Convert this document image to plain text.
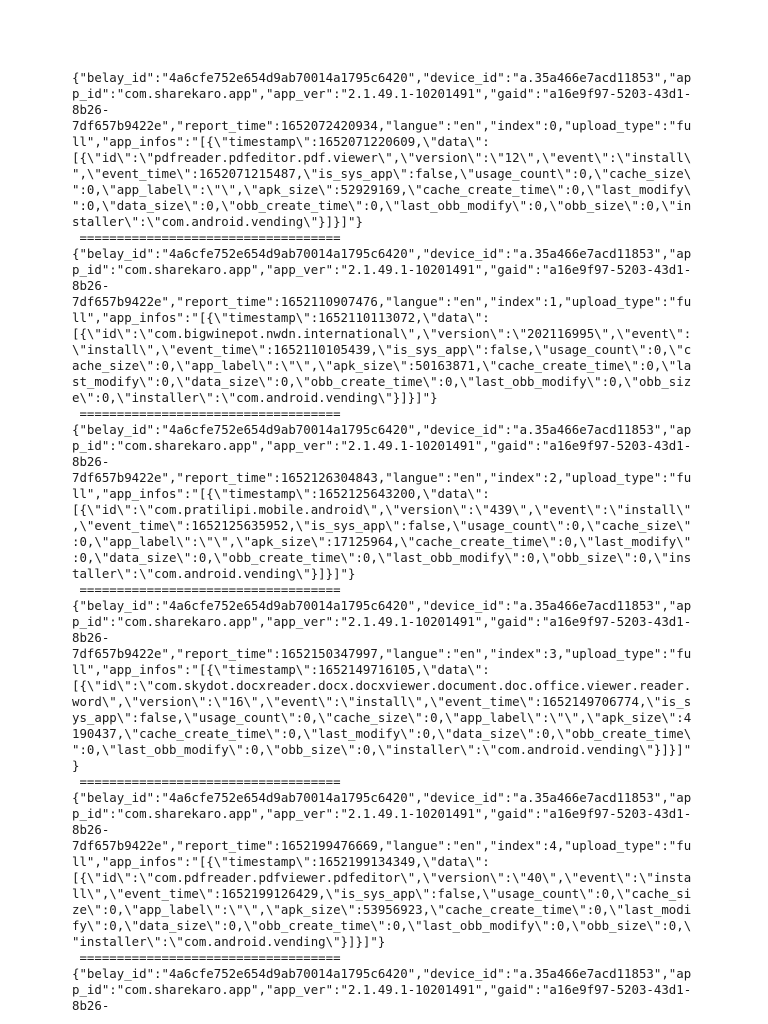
{"belay_id":"4a6cfe752e654d9ab70014a1795c6420","device_id":"a.35a466e7acd11853","ap
p_id":"com.sharekaro.app","app_ver":"2.1.49.1-10201491","gaid":"a16e9f97-5203-43d1-
8b26-
7df657b9422e","report_time":1652072420934,"langue":"en","index":0,"upload_type":"fu
ll","app_infos":"[{\"timestamp\":1652071220609,\"data\":
[{\"id\":\"pdfreader.pdfeditor.pdf.viewer\",\"version\":\"12\",\"event\":\"install\
",\"event_time\":1652071215487,\"is_sys_app\":false,\"usage_count\":0,\"cache_size\
":0,\"app_label\":\"\",\"apk_size\":52929169,\"cache_create_time\":0,\"last_modify\
":0,\"data_size\":0,\"obb_create_time\":0,\"last_obb_modify\":0,\"obb_size\":0,\"in
staller\":\"com.android.vending\"}]}]"}
===================================
{"belay_id":"4a6cfe752e654d9ab70014a1795c6420","device_id":"a.35a466e7acd11853","ap
p_id":"com.sharekaro.app","app_ver":"2.1.49.1-10201491","gaid":"a16e9f97-5203-43d1-
8b26-
7df657b9422e","report_time":1652110907476,"langue":"en","index":1,"upload_type":"fu
ll","app_infos":"[{\"timestamp\":1652110113072,\"data\":
[{\"id\":\"com.bigwinepot.nwdn.international\",\"version\":\"202116995\",\"event\":
\"install\",\"event_time\":1652110105439,\"is_sys_app\":false,\"usage_count\":0,\"c
ache_size\":0,\"app_label\":\"\",\"apk_size\":50163871,\"cache_create_time\":0,\"la
st_modify\":0,\"data_size\":0,\"obb_create_time\":0,\"last_obb_modify\":0,\"obb_siz
e\":0,\"installer\":\"com.android.vending\"}]}]"}
===================================
{"belay_id":"4a6cfe752e654d9ab70014a1795c6420","device_id":"a.35a466e7acd11853","ap
p_id":"com.sharekaro.app","app_ver":"2.1.49.1-10201491","gaid":"a16e9f97-5203-43d1-
8b26-
7df657b9422e","report_time":1652126304843,"langue":"en","index":2,"upload_type":"fu
ll","app_infos":"[{\"timestamp\":1652125643200,\"data\":
[{\"id\":\"com.pratilipi.mobile.android\",\"version\":\"439\",\"event\":\"install\"
,\"event_time\":1652125635952,\"is_sys_app\":false,\"usage_count\":0,\"cache_size\"
:0,\"app_label\":\"\",\"apk_size\":17125964,\"cache_create_time\":0,\"last_modify\"
:0,\"data_size\":0,\"obb_create_time\":0,\"last_obb_modify\":0,\"obb_size\":0,\"ins
taller\":\"com.android.vending\"}]}]"}
===================================
{"belay_id":"4a6cfe752e654d9ab70014a1795c6420","device_id":"a.35a466e7acd11853","ap
p_id":"com.sharekaro.app","app_ver":"2.1.49.1-10201491","gaid":"a16e9f97-5203-43d1-
8b26-
7df657b9422e","report_time":1652150347997,"langue":"en","index":3,"upload_type":"fu
ll","app_infos":"[{\"timestamp\":1652149716105,\"data\":
[{\"id\":\"com.skydot.docxreader.docx.docxviewer.document.doc.office.viewer.reader.
word\",\"version\":\"16\",\"event\":\"install\",\"event_time\":1652149706774,\"is_s
ys_app\":false,\"usage_count\":0,\"cache_size\":0,\"app_label\":\"\",\"apk_size\":4
190437,\"cache_create_time\":0,\"last_modify\":0,\"data_size\":0,\"obb_create_time\
":0,\"last_obb_modify\":0,\"obb_size\":0,\"installer\":\"com.android.vending\"}]}]"
}
===================================
{"belay_id":"4a6cfe752e654d9ab70014a1795c6420","device_id":"a.35a466e7acd11853","ap
p_id":"com.sharekaro.app","app_ver":"2.1.49.1-10201491","gaid":"a16e9f97-5203-43d1-
8b26-
7df657b9422e","report_time":1652199476669,"langue":"en","index":4,"upload_type":"fu
ll","app_infos":"[{\"timestamp\":1652199134349,\"data\":
[{\"id\":\"com.pdfreader.pdfviewer.pdfeditor\",\"version\":\"40\",\"event\":\"insta
ll\",\"event_time\":1652199126429,\"is_sys_app\":false,\"usage_count\":0,\"cache_si
ze\":0,\"app_label\":\"\",\"apk_size\":53956923,\"cache_create_time\":0,\"last_modi
fy\":0,\"data_size\":0,\"obb_create_time\":0,\"last_obb_modify\":0,\"obb_size\":0,\
"installer\":\"com.android.vending\"}]}]"}
===================================
{"belay_id":"4a6cfe752e654d9ab70014a1795c6420","device_id":"a.35a466e7acd11853","ap
p_id":"com.sharekaro.app","app_ver":"2.1.49.1-10201491","gaid":"a16e9f97-5203-43d1-
8b26-
